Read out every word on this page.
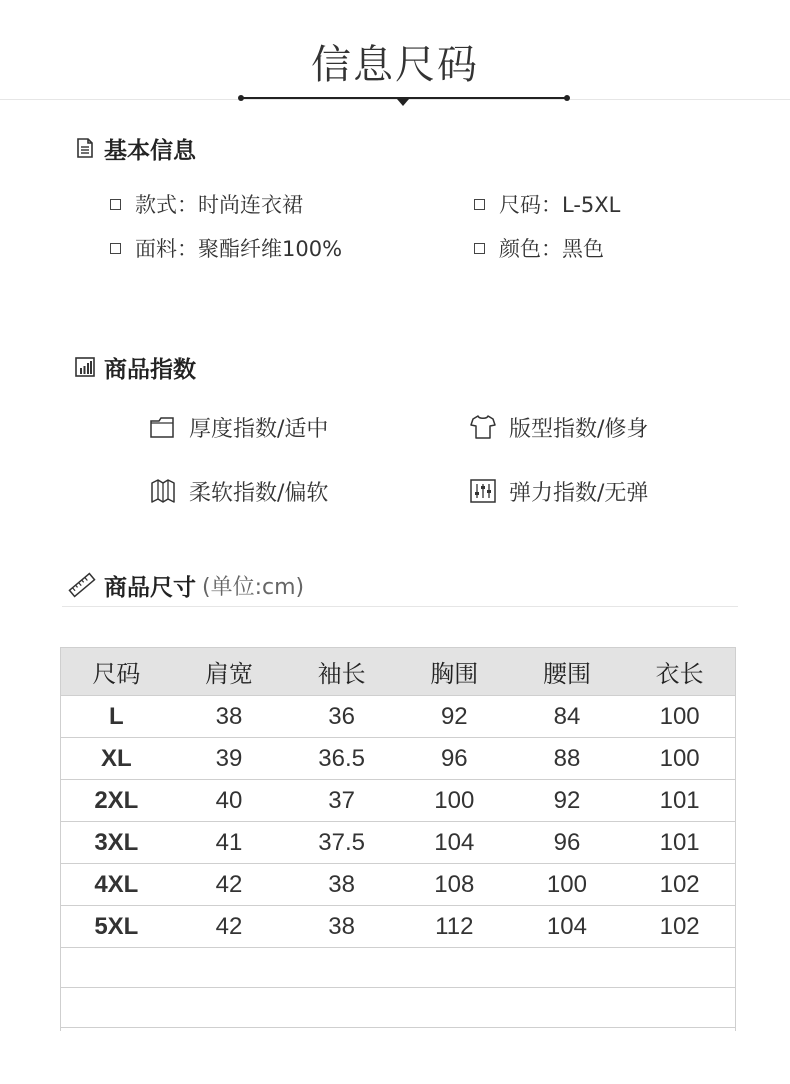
信息尺码
基本信息
款式：时尚连衣裙	尺码：L-5XL
面料：聚酯纤维100%	颜色：黑色
商品指数
厚度指数/适中	版型指数/修身
柔软指数/偏软	弹力指数/无弹
商品尺寸 (单位:cm)
尺码	肩宽	袖长	胸围	腰围	衣长
L	38	36	92	84	100
XL	39	36.5	96	88	100
2XL	40	37	100	92	101
3XL	41	37.5	104	96	101
4XL	42	38	108	100	102
5XL	42	38	112	104	102
